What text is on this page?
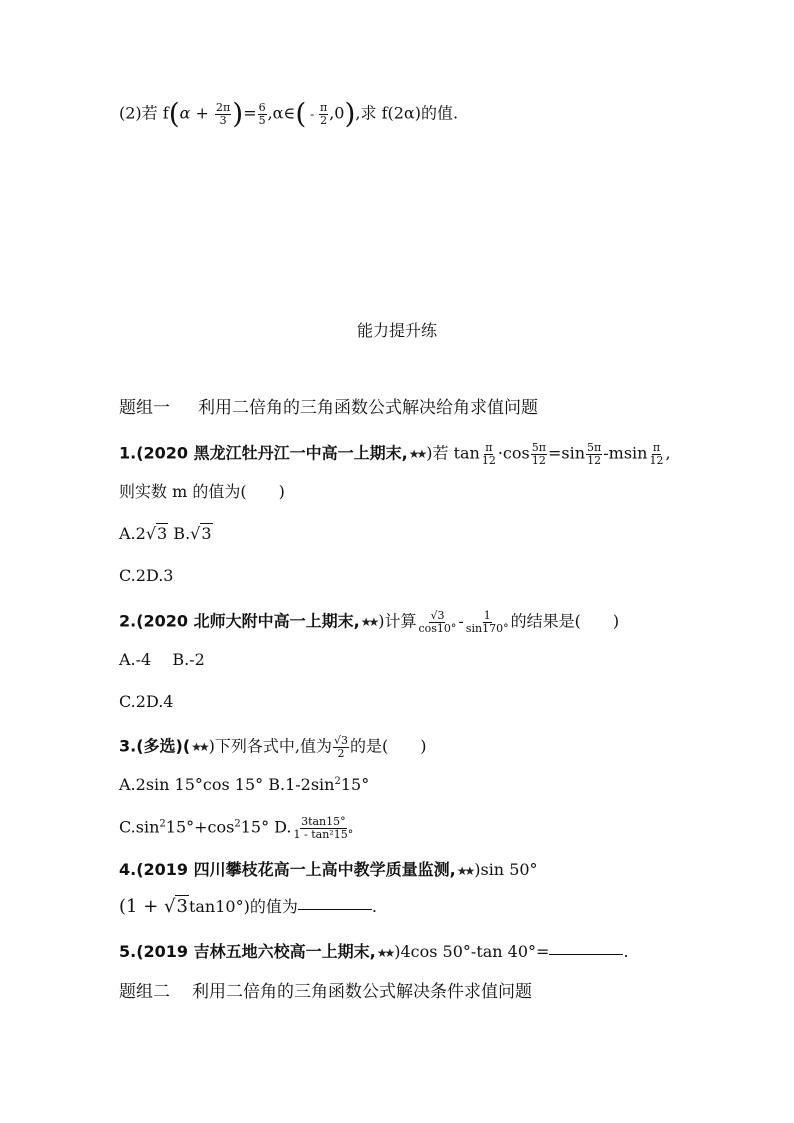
(2)若 $f(\alpha + \frac{2\pi}{3}$ )= $\frac{6}{5}$ ,α∈( - $\frac{\pi}{2} ,0$),求 f(2α)的值.
能力提升练
题组一 利用二倍角的三角函数公式解决给角求值问题
1.(2020 黑龙江牡丹江一中高一上期末,★★ )若 $\tan \frac{\pi}{12} \cdot\cos \frac{5\pi}{12} =\sin \frac{5\pi}{12} -msin \frac{\pi}{12}$ ,
则实数 m 的值为(　　)
A.2√3 B.√3
C.2D.3
2.(2020 北师大附中高一上期末,★★ )计算 $\frac{√3}{\cos 10^\circ} - \frac{1}{\sin 170^\circ}$ 的结果是(　　)
A.-4　 B.-2
C.2D.4
3.(多选)(★★ )下列各式中,值为 $\frac{√3}{2}$ 的是(　　)
A.2sin 15°cos 15° $B.1-2\sin^215^\circ$
$C.\sin^215^\circ+\cos^215^\circ$ D. $\frac{3\tan 15^\circ}{\text{1 - tan²15°}}$
4.(2019 四川攀枝花高一上高中教学质量监测,★★ )sin 50°
(1 + √3tan10°)的值为	.
5.(2019 吉林五地六校高一上期末,★★ )4cos 50°-tan 40°=	.
题组二 利用二倍角的三角函数公式解决条件求值问题
